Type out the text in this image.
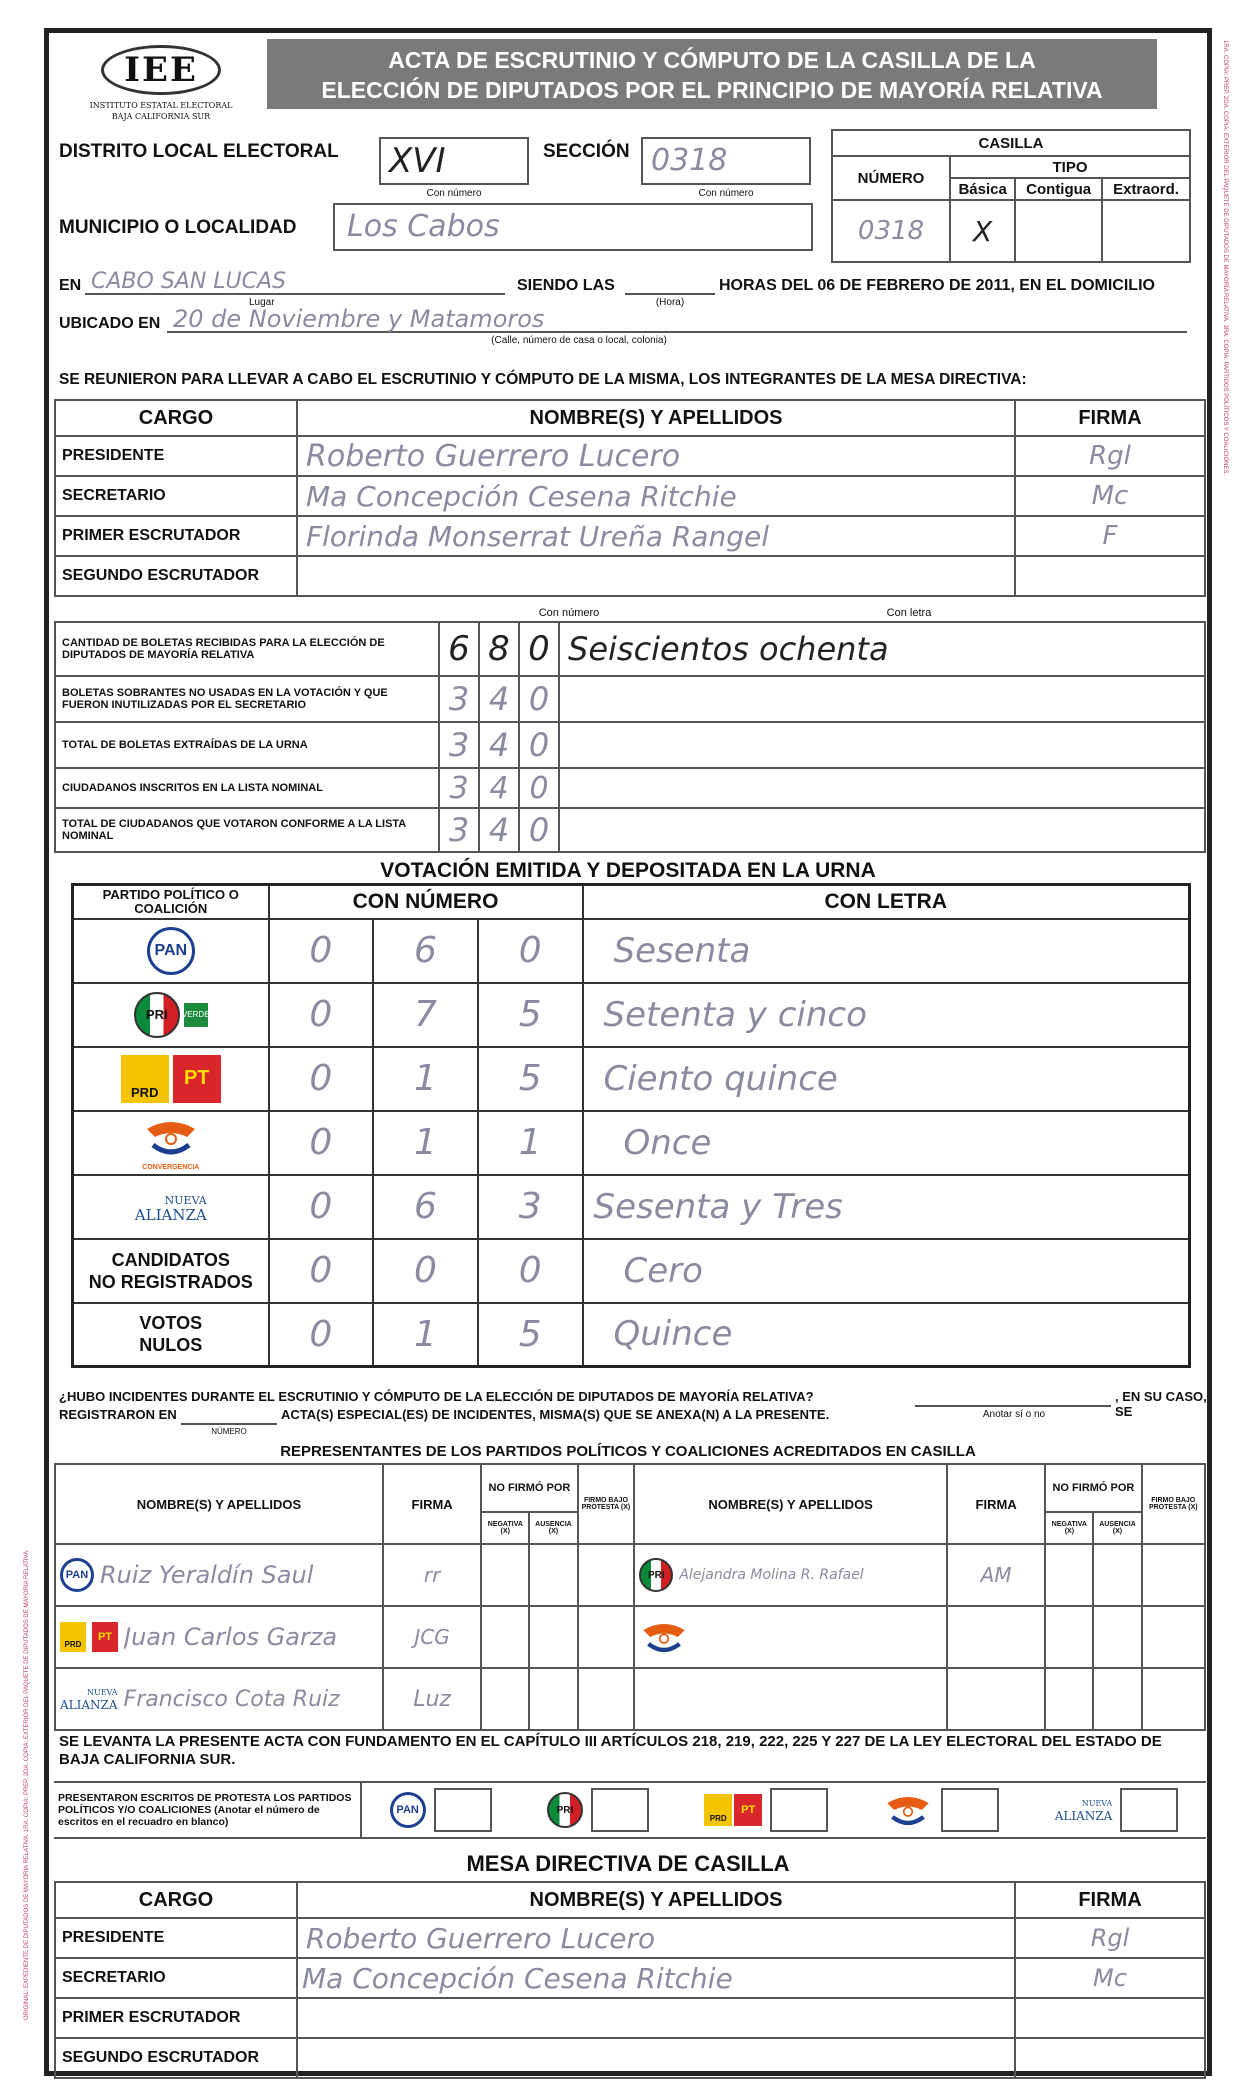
ORIGINAL: EXPEDIENTE DE DIPUTADOS DE MAYORÍA RELATIVA. 1RA. COPIA: PREP. 2DA. COPIA: EXTERIOR DEL PAQUETE DE DIPUTADOS DE MAYORÍA RELATIVA.
1RA. COPIA: PREP. 2DA. COPIA: EXTERIOR DEL PAQUETE DE DIPUTADOS DE MAYORÍA RELATIVA. 3RA. COPIA: PARTIDOS POLÍTICOS Y COALICIONES.
IEE
INSTITUTO ESTATAL ELECTORAL
BAJA CALIFORNIA SUR
ACTA DE ESCRUTINIO Y CÓMPUTO DE LA CASILLA DE LA
ELECCIÓN DE DIPUTADOS POR EL PRINCIPIO DE MAYORÍA RELATIVA
DISTRITO LOCAL ELECTORAL XVI
Con número
SECCIÓN 0318
Con número
MUNICIPIO O LOCALIDAD	Los Cabos
CASILLA			
NÚMERO	TIPO		
	Básica	Contigua	Extraord.
0318	X		
EN CABO SAN LUCAS
Lugar
SIENDO LAS
(Hora)
HORAS DEL 06 DE FEBRERO DE 2011, EN EL DOMICILIO
UBICADO EN 20 de Noviembre y Matamoros
(Calle, número de casa o local, colonia)
SE REUNIERON PARA LLEVAR A CABO EL ESCRUTINIO Y CÓMPUTO DE LA MISMA, LOS INTEGRANTES DE LA MESA DIRECTIVA:
CARGO	NOMBRE(S) Y APELLIDOS	FIRMA
PRESIDENTE	Roberto Guerrero Lucero	Rgl

SECRETARIO	Ma Concepción Cesena Ritchie	Mc

PRIMER ESCRUTADOR	Florinda Monserrat Ureña Rangel	F

SEGUNDO ESCRUTADOR	

Con número	Con letra
CANTIDAD DE BOLETAS RECIBIDAS PARA LA ELECCIÓN DE DIPUTADOS DE MAYORÍA RELATIVA	6	8	0	Seiscientos ochenta

BOLETAS SOBRANTES NO USADAS EN LA VOTACIÓN Y QUE FUERON INUTILIZADAS POR EL SECRETARIO	3	4	0	

TOTAL DE BOLETAS EXTRAÍDAS DE LA URNA	3	4	0	

CIUDADANOS INSCRITOS EN LA LISTA NOMINAL	3	4	0	

TOTAL DE CIUDADANOS QUE VOTARON CONFORME A LA LISTA NOMINAL	3	4	0	
VOTACIÓN EMITIDA Y DEPOSITADA EN LA URNA
PARTIDO POLÍTICO O COALICIÓN	CON NÚMERO			CON LETRA

PAN	0	6	0	Sesenta

PRI VERDE	0	7	5	Setenta y cinco

PRD
PT	0	1	5	Ciento quince

CONVERGENCIA	0	1	1	Once

NUEVA
ALIANZA	0	6	3	Sesenta y Tres

CANDIDATOS
NO REGISTRADOS	0	0	0	Cero

VOTOS
NULOS	0	1	5	Quince
¿HUBO INCIDENTES DURANTE EL ESCRUTINIO Y CÓMPUTO DE LA ELECCIÓN DE DIPUTADOS DE MAYORÍA RELATIVA?	, EN SU CASO, SE
Anotar sí o no
REGISTRARON EN	ACTA(S) ESPECIAL(ES) DE INCIDENTES, MISMA(S) QUE SE ANEXA(N) A LA PRESENTE.
NÚMERO
REPRESENTANTES DE LOS PARTIDOS POLÍTICOS Y COALICIONES ACREDITADOS EN CASILLA
NOMBRE(S) Y APELLIDOS	FIRMA	NO FIRMÓ POR		FIRMO BAJO PROTESTA (X)	NOMBRE(S) Y APELLIDOS	FIRMA	NO FIRMÓ POR		FIRMO BAJO PROTESTA (X)
		NEGATIVA (X)	AUSENCIA (X)				NEGATIVA (X)	AUSENCIA (X)	

PAN Ruiz Yeraldín Saul	rr				PRI Alejandra Molina R. Rafael	AM			

PRD
PT Juan Carlos Garza	JCG

NUEVA
ALIANZA Francisco Cota Ruiz	Luz								

SE LEVANTA LA PRESENTE ACTA CON FUNDAMENTO EN EL CAPÍTULO III ARTÍCULOS 218, 219, 222, 225 Y 227 DE LA LEY ELECTORAL DEL ESTADO DE BAJA CALIFORNIA SUR.
PRESENTARON ESCRITOS DE PROTESTA LOS PARTIDOS POLÍTICOS Y/O COALICIONES (Anotar el número de escritos en el recuadro en blanco)
PAN	PRI
PRD
PT
NUEVA
ALIANZA
MESA DIRECTIVA DE CASILLA
CARGO	NOMBRE(S) Y APELLIDOS	FIRMA
PRESIDENTE	Roberto Guerrero Lucero	Rgl

SECRETARIO	Ma Concepción Cesena Ritchie	Mc

PRIMER ESCRUTADOR	

SEGUNDO ESCRUTADOR	
